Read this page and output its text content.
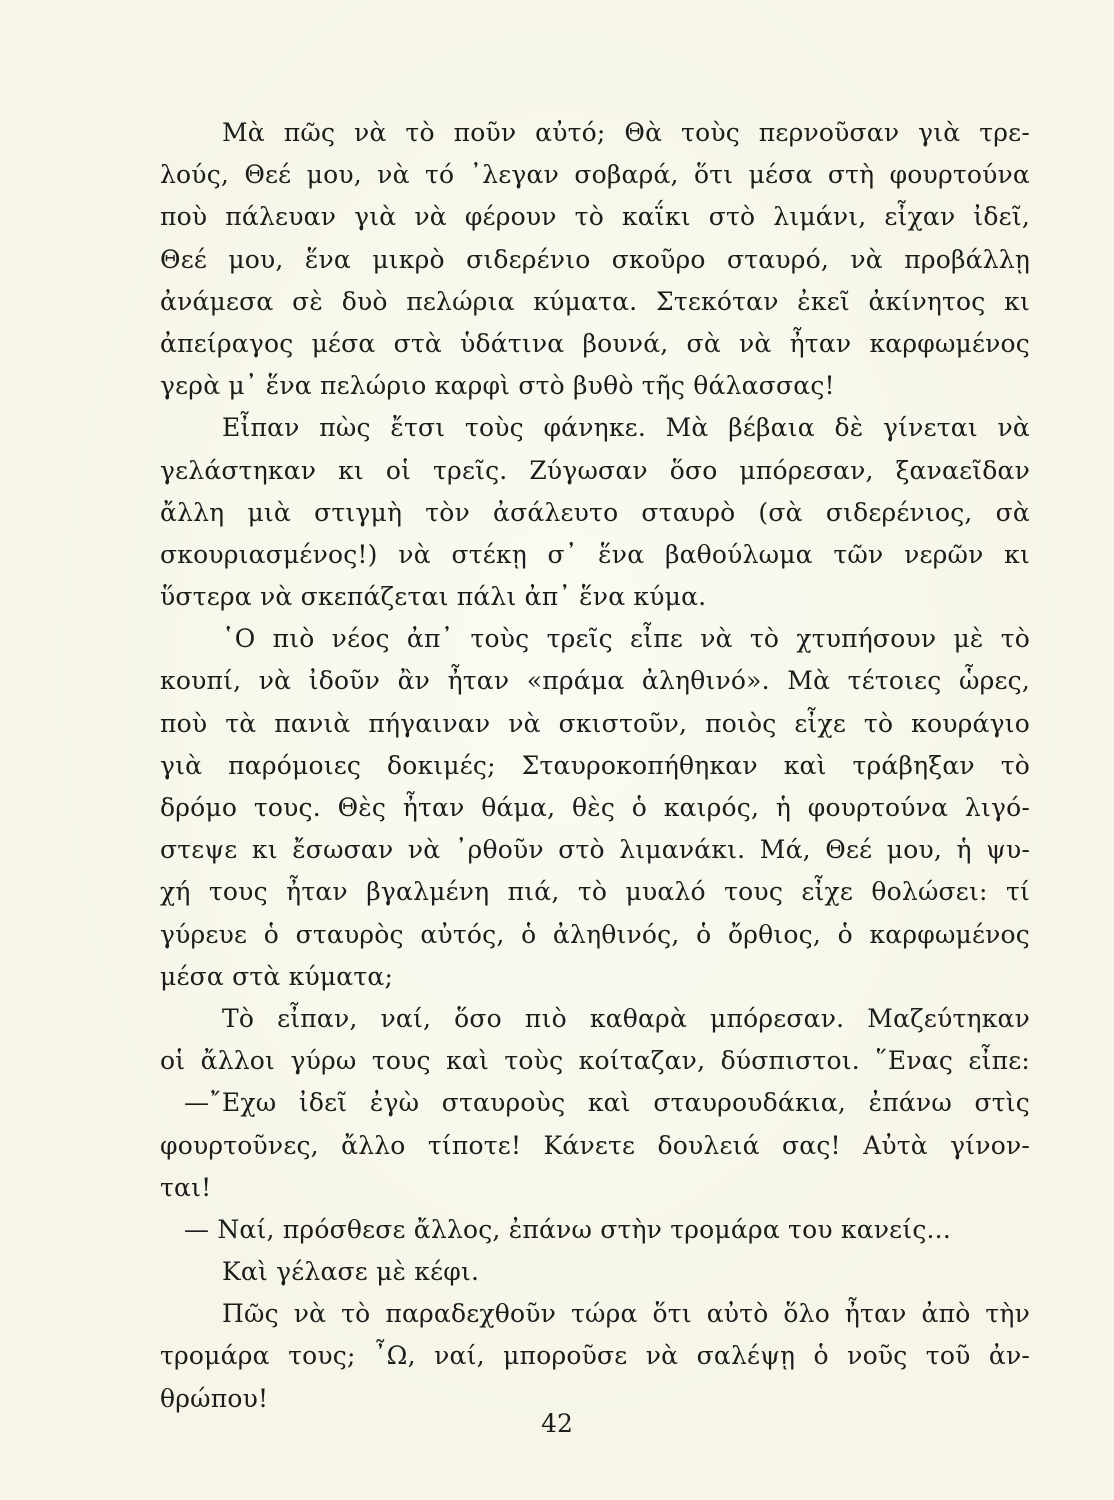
Μὰ πῶς νὰ τὸ ποῦν αὐτό; Θὰ τοὺς περνοῦσαν γιὰ τρε-
λούς, Θεέ μου, νὰ τό ᾽λεγαν σοβαρά, ὅτι μέσα στὴ φουρτούνα
ποὺ πάλευαν γιὰ νὰ φέρουν τὸ καΐκι στὸ λιμάνι, εἶχαν ἰδεῖ,
Θεέ μου, ἕνα μικρὸ σιδερένιο σκοῦρο σταυρό, νὰ προβάλλῃ
ἀνάμεσα σὲ δυὸ πελώρια κύματα. Στεκόταν ἐκεῖ ἀκίνητος κι
ἀπείραγος μέσα στὰ ὑδάτινα βουνά, σὰ νὰ ἦταν καρφωμένος
γερὰ μ᾽ ἕνα πελώριο καρφὶ στὸ βυθὸ τῆς θάλασσας!
Εἶπαν πὼς ἔτσι τοὺς φάνηκε. Μὰ βέβαια δὲ γίνεται νὰ
γελάστηκαν κι οἱ τρεῖς. Ζύγωσαν ὅσο μπόρεσαν, ξαναεῖδαν
ἄλλη μιὰ στιγμὴ τὸν ἀσάλευτο σταυρὸ (σὰ σιδερένιος, σὰ
σκουριασμένος!) νὰ στέκῃ σ᾽ ἕνα βαθούλωμα τῶν νερῶν κι
ὕστερα νὰ σκεπάζεται πάλι ἀπ᾽ ἕνα κύμα.
῾Ο πιὸ νέος ἀπ᾽ τοὺς τρεῖς εἶπε νὰ τὸ χτυπήσουν μὲ τὸ
κουπί, νὰ ἰδοῦν ἂν ἦταν «πράμα ἀληθινό». Μὰ τέτοιες ὧρες,
ποὺ τὰ πανιὰ πήγαιναν νὰ σκιστοῦν, ποιὸς εἶχε τὸ κουράγιο
γιὰ παρόμοιες δοκιμές; Σταυροκοπήθηκαν καὶ τράβηξαν τὸ
δρόμο τους. Θὲς ἦταν θάμα, θὲς ὁ καιρός, ἡ φουρτούνα λιγό-
στεψε κι ἔσωσαν νὰ ᾽ρθοῦν στὸ λιμανάκι. Μά, Θεέ μου, ἡ ψυ-
χή τους ἦταν βγαλμένη πιά, τὸ μυαλό τους εἶχε θολώσει: τί
γύρευε ὁ σταυρὸς αὐτός, ὁ ἀληθινός, ὁ ὄρθιος, ὁ καρφωμένος
μέσα στὰ κύματα;
Τὸ εἶπαν, ναί, ὅσο πιὸ καθαρὰ μπόρεσαν. Μαζεύτηκαν
οἱ ἄλλοι γύρω τους καὶ τοὺς κοίταζαν, δύσπιστοι. ῞Ενας εἶπε:
—῎Εχω ἰδεῖ ἐγὼ σταυροὺς καὶ σταυρουδάκια, ἐπάνω στὶς
φουρτοῦνες, ἄλλο τίποτε! Κάνετε δουλειά σας! Αὐτὰ γίνον-
ται!
— Ναί, πρόσθεσε ἄλλος, ἐπάνω στὴν τρομάρα του κανείς...
Καὶ γέλασε μὲ κέφι.
Πῶς νὰ τὸ παραδεχθοῦν τώρα ὅτι αὐτὸ ὅλο ἦταν ἀπὸ τὴν
τρομάρα τους; ῏Ω, ναί, μποροῦσε νὰ σαλέψῃ ὁ νοῦς τοῦ ἀν-
θρώπου!
42
